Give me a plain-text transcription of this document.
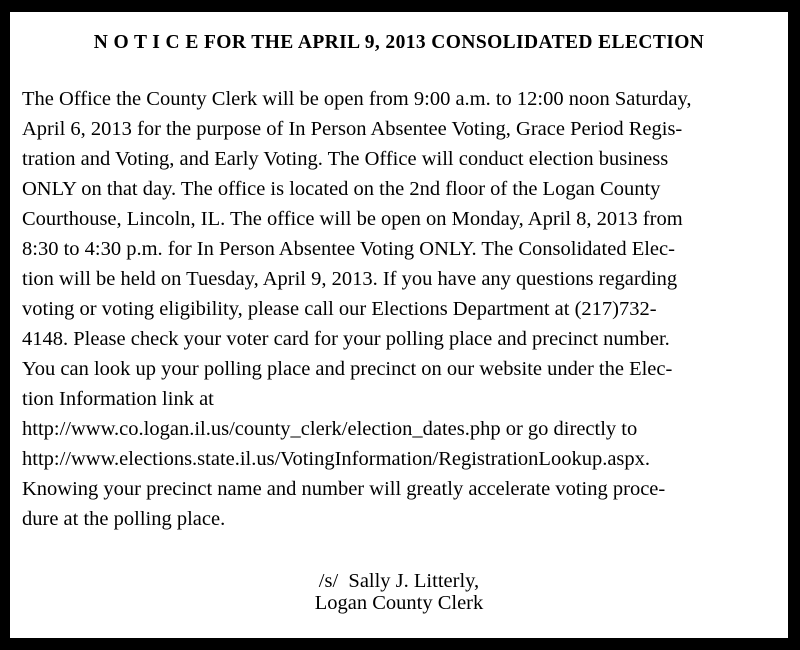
N O T I C E FOR THE APRIL 9, 2013 CONSOLIDATED ELECTION
The Office the County Clerk will be open from 9:00 a.m. to 12:00 noon Saturday,
April 6, 2013 for the purpose of In Person Absentee Voting, Grace Period Regis-
tration and Voting, and Early Voting. The Office will conduct election business
ONLY on that day. The office is located on the 2nd floor of the Logan County
Courthouse, Lincoln, IL. The office will be open on Monday, April 8, 2013 from
8:30 to 4:30 p.m. for In Person Absentee Voting ONLY. The Consolidated Elec-
tion will be held on Tuesday, April 9, 2013. If you have any questions regarding
voting or voting eligibility, please call our Elections Department at (217)732-
4148. Please check your voter card for your polling place and precinct number.
You can look up your polling place and precinct on our website under the Elec-
tion Information link at
http://www.co.logan.il.us/county_clerk/election_dates.php or go directly to
http://www.elections.state.il.us/VotingInformation/RegistrationLookup.aspx.
Knowing your precinct name and number will greatly accelerate voting proce-
dure at the polling place.
/s/  Sally J. Litterly,
Logan County Clerk
